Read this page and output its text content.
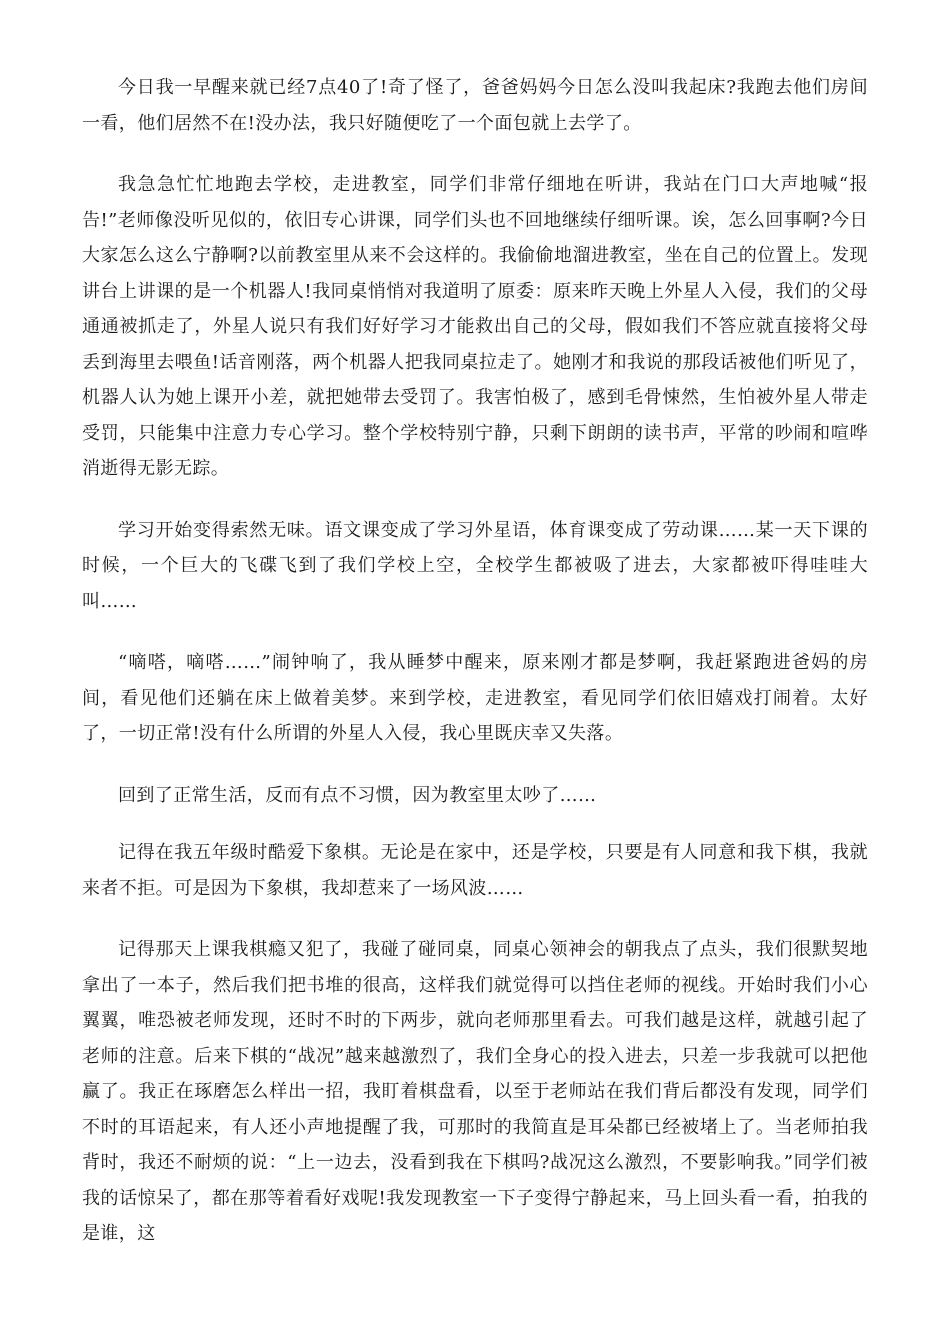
今日我一早醒来就已经7点40了!奇了怪了，爸爸妈妈今日怎么没叫我起床?我跑去他们房间一看，他们居然不在!没办法，我只好随便吃了一个面包就上去学了。

我急急忙忙地跑去学校，走进教室，同学们非常仔细地在听讲，我站在门口大声地喊“报告!”老师像没听见似的，依旧专心讲课，同学们头也不回地继续仔细听课。诶，怎么回事啊?今日大家怎么这么宁静啊?以前教室里从来不会这样的。我偷偷地溜进教室，坐在自己的位置上。发现讲台上讲课的是一个机器人!我同桌悄悄对我道明了原委：原来昨天晚上外星人入侵，我们的父母通通被抓走了，外星人说只有我们好好学习才能救出自己的父母，假如我们不答应就直接将父母丢到海里去喂鱼!话音刚落，两个机器人把我同桌拉走了。她刚才和我说的那段话被他们听见了，机器人认为她上课开小差，就把她带去受罚了。我害怕极了，感到毛骨悚然，生怕被外星人带走受罚，只能集中注意力专心学习。整个学校特别宁静，只剩下朗朗的读书声，平常的吵闹和喧哗消逝得无影无踪。

学习开始变得索然无味。语文课变成了学习外星语，体育课变成了劳动课……某一天下课的时候，一个巨大的飞碟飞到了我们学校上空，全校学生都被吸了进去，大家都被吓得哇哇大叫……

“嘀嗒，嘀嗒……”闹钟响了，我从睡梦中醒来，原来刚才都是梦啊，我赶紧跑进爸妈的房间，看见他们还躺在床上做着美梦。来到学校，走进教室，看见同学们依旧嬉戏打闹着。太好了，一切正常!没有什么所谓的外星人入侵，我心里既庆幸又失落。

回到了正常生活，反而有点不习惯，因为教室里太吵了……

记得在我五年级时酷爱下象棋。无论是在家中，还是学校，只要是有人同意和我下棋，我就来者不拒。可是因为下象棋，我却惹来了一场风波……

记得那天上课我棋瘾又犯了，我碰了碰同桌，同桌心领神会的朝我点了点头，我们很默契地拿出了一本子，然后我们把书堆的很高，这样我们就觉得可以挡住老师的视线。开始时我们小心翼翼，唯恐被老师发现，还时不时的下两步，就向老师那里看去。可我们越是这样，就越引起了老师的注意。后来下棋的“战况”越来越激烈了，我们全身心的投入进去，只差一步我就可以把他赢了。我正在琢磨怎么样出一招，我盯着棋盘看，以至于老师站在我们背后都没有发现，同学们不时的耳语起来，有人还小声地提醒了我，可那时的我简直是耳朵都已经被堵上了。当老师拍我背时，我还不耐烦的说：“上一边去，没看到我在下棋吗?战况这么激烈，不要影响我。”同学们被我的话惊呆了，都在那等着看好戏呢!我发现教室一下子变得宁静起来，马上回头看一看，拍我的是谁，这
